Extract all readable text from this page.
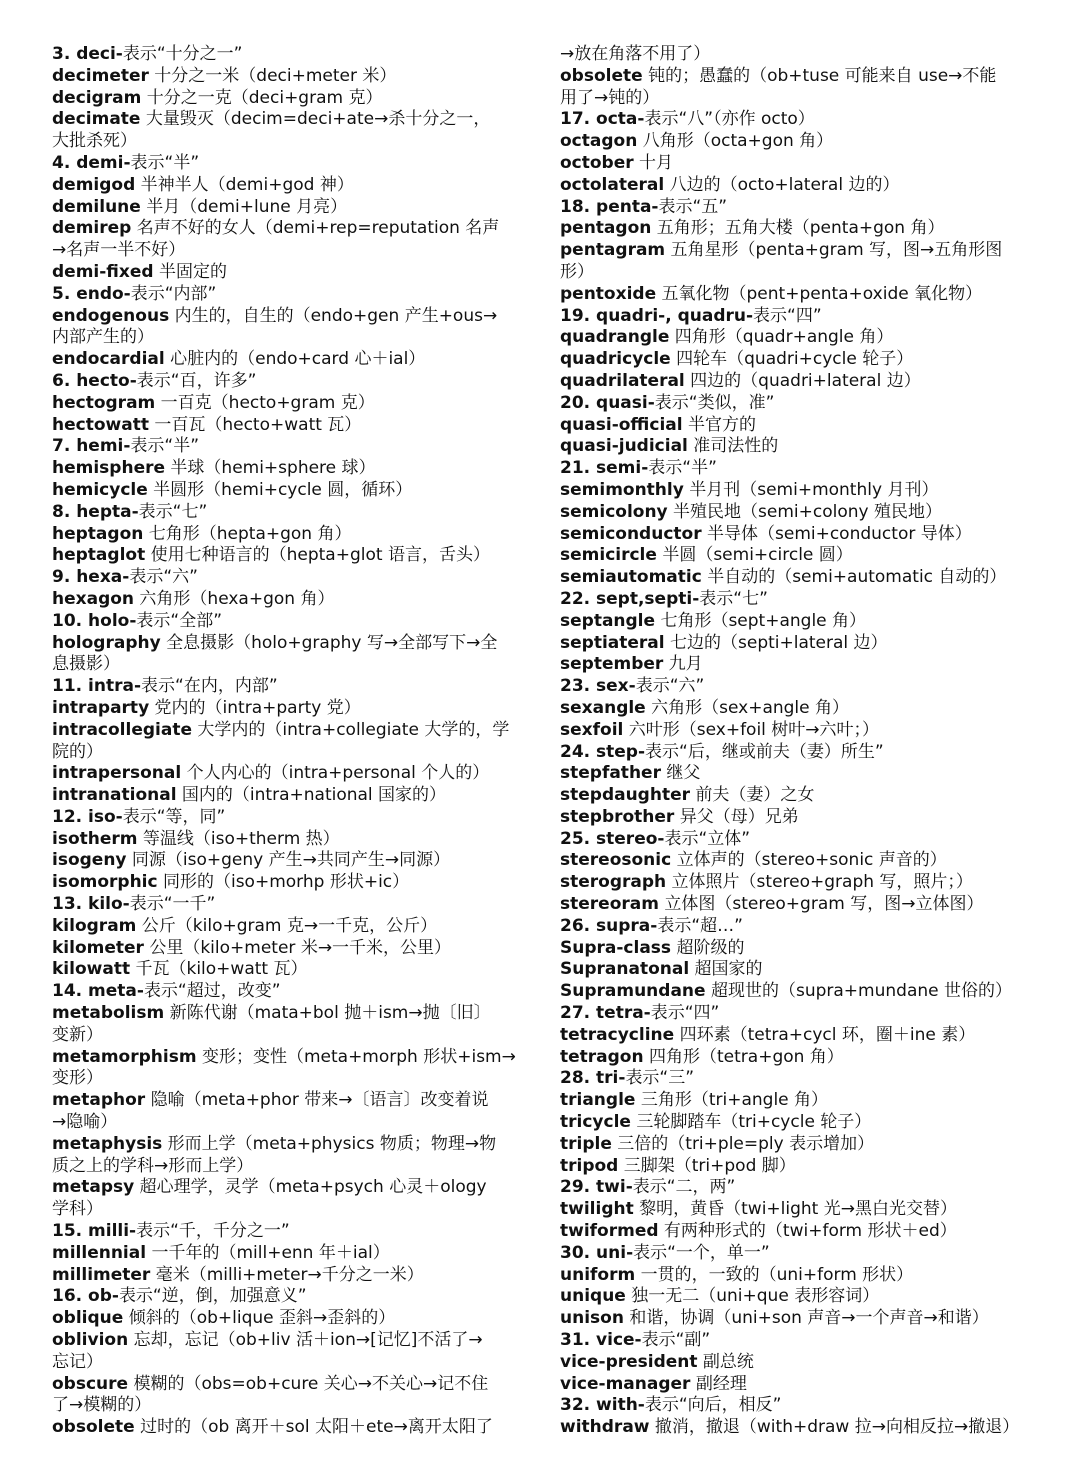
3. deci-表示“十分之一”
decimeter 十分之一米（deci+meter 米）
decigram 十分之一克（deci+gram 克）
decimate 大量毁灭（decim=deci+ate→杀十分之一，
大批杀死）
4. demi-表示“半”
demigod 半神半人（demi+god 神）
demilune 半月（demi+lune 月亮）
demirep 名声不好的女人（demi+rep=reputation 名声
→名声一半不好）
demi-fixed 半固定的
5. endo-表示“内部”
endogenous 内生的，自生的（endo+gen 产生+ous→
内部产生的）
endocardial 心脏内的（endo+card 心＋ial）
6. hecto-表示“百，许多”
hectogram 一百克（hecto+gram 克）
hectowatt 一百瓦（hecto+watt 瓦）
7. hemi-表示“半”
hemisphere 半球（hemi+sphere 球）
hemicycle 半圆形（hemi+cycle 圆，循环）
8. hepta-表示“七”
heptagon 七角形（hepta+gon 角）
heptaglot 使用七种语言的（hepta+glot 语言，舌头）
9. hexa-表示“六”
hexagon 六角形（hexa+gon 角）
10. holo-表示“全部”
holography 全息摄影（holo+graphy 写→全部写下→全
息摄影）
11. intra-表示“在内，内部”
intraparty 党内的（intra+party 党）
intracollegiate 大学内的（intra+collegiate 大学的，学
院的）
intrapersonal 个人内心的（intra+personal 个人的）
intranational 国内的（intra+national 国家的）
12. iso-表示“等，同”
isotherm 等温线（iso+therm 热）
isogeny 同源（iso+geny 产生→共同产生→同源）
isomorphic 同形的（iso+morhp 形状+ic）
13. kilo-表示“一千”
kilogram 公斤（kilo+gram 克→一千克，公斤）
kilometer 公里（kilo+meter 米→一千米，公里）
kilowatt 千瓦（kilo+watt 瓦）
14. meta-表示“超过，改变”
metabolism 新陈代谢（mata+bol 抛＋ism→抛〔旧〕
变新）
metamorphism 变形；变性（meta+morph 形状+ism→
变形）
metaphor 隐喻（meta+phor 带来→〔语言〕改变着说
→隐喻）
metaphysis 形而上学（meta+physics 物质；物理→物
质之上的学科→形而上学）
metapsy 超心理学，灵学（meta+psych 心灵＋ology
学科）
15. milli-表示“千，千分之一”
millennial 一千年的（mill+enn 年＋ial）
millimeter 毫米（milli+meter→千分之一米）
16. ob-表示“逆，倒，加强意义”
oblique 倾斜的（ob+lique 歪斜→歪斜的）
oblivion 忘却，忘记（ob+liv 活＋ion→[记忆]不活了→
忘记）
obscure 模糊的（obs=ob+cure 关心→不关心→记不住
了→模糊的）
obsolete 过时的（ob 离开＋sol 太阳＋ete→离开太阳了
→放在角落不用了）
obsolete 钝的；愚蠢的（ob+tuse 可能来自 use→不能
用了→钝的）
17. octa-表示“八”（亦作 octo）
octagon 八角形（octa+gon 角）
october 十月
octolateral 八边的（octo+lateral 边的）
18. penta-表示“五”
pentagon 五角形；五角大楼（penta+gon 角）
pentagram 五角星形（penta+gram 写，图→五角形图
形）
pentoxide 五氧化物（pent+penta+oxide 氧化物）
19. quadri-, quadru-表示“四”
quadrangle 四角形（quadr+angle 角）
quadricycle 四轮车（quadri+cycle 轮子）
quadrilateral 四边的（quadri+lateral 边）
20. quasi-表示“类似，准”
quasi-official 半官方的
quasi-judicial 准司法性的
21. semi-表示“半”
semimonthly 半月刊（semi+monthly 月刊）
semicolony 半殖民地（semi+colony 殖民地）
semiconductor 半导体（semi+conductor 导体）
semicircle 半圆（semi+circle 圆）
semiautomatic 半自动的（semi+automatic 自动的）
22. sept,septi-表示“七”
septangle 七角形（sept+angle 角）
septiateral 七边的（septi+lateral 边）
september 九月
23. sex-表示“六”
sexangle 六角形（sex+angle 角）
sexfoil 六叶形（sex+foil 树叶→六叶；）
24. step-表示“后，继或前夫（妻）所生”
stepfather 继父
stepdaughter 前夫（妻）之女
stepbrother 异父（母）兄弟
25. stereo-表示“立体”
stereosonic 立体声的（stereo+sonic 声音的）
sterograph 立体照片（stereo+graph 写，照片；）
stereoram 立体图（stereo+gram 写，图→立体图）
26. supra-表示“超…”
Supra-class 超阶级的
Supranatonal 超国家的
Supramundane 超现世的（supra+mundane 世俗的）
27. tetra-表示“四”
tetracycline 四环素（tetra+cycl 环，圈＋ine 素）
tetragon 四角形（tetra+gon 角）
28. tri-表示“三”
triangle 三角形（tri+angle 角）
tricycle 三轮脚踏车（tri+cycle 轮子）
triple 三倍的（tri+ple=ply 表示增加）
tripod 三脚架（tri+pod 脚）
29. twi-表示“二，两”
twilight 黎明，黄昏（twi+light 光→黑白光交替）
twiformed 有两种形式的（twi+form 形状＋ed）
30. uni-表示“一个，单一”
uniform 一贯的，一致的（uni+form 形状）
unique 独一无二（uni+que 表形容词）
unison 和谐，协调（uni+son 声音→一个声音→和谐）
31. vice-表示“副”
vice-president 副总统
vice-manager 副经理
32. with-表示“向后，相反”
withdraw 撤消，撤退（with+draw 拉→向相反拉→撤退）
